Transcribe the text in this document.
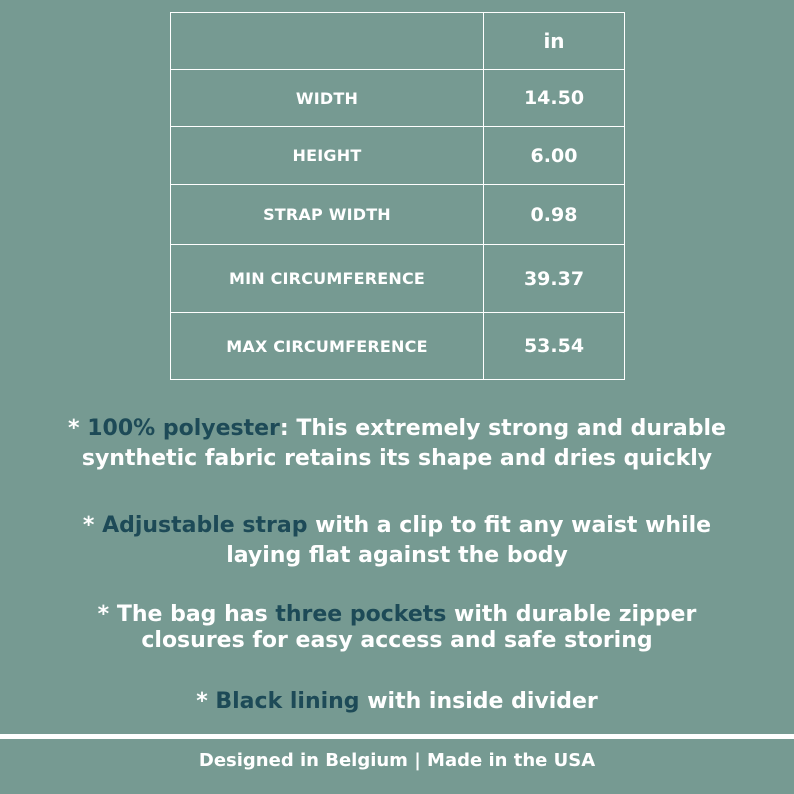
	in
WIDTH	14.50
HEIGHT	6.00
STRAP WIDTH	0.98
MIN CIRCUMFERENCE	39.37
MAX CIRCUMFERENCE	53.54
* 100% polyester: This extremely strong and durable
synthetic fabric retains its shape and dries quickly
* Adjustable strap with a clip to fit any waist while
laying flat against the body
* The bag has three pockets with durable zipper
closures for easy access and safe storing
* Black lining with inside divider
Designed in Belgium | Made in the USA
